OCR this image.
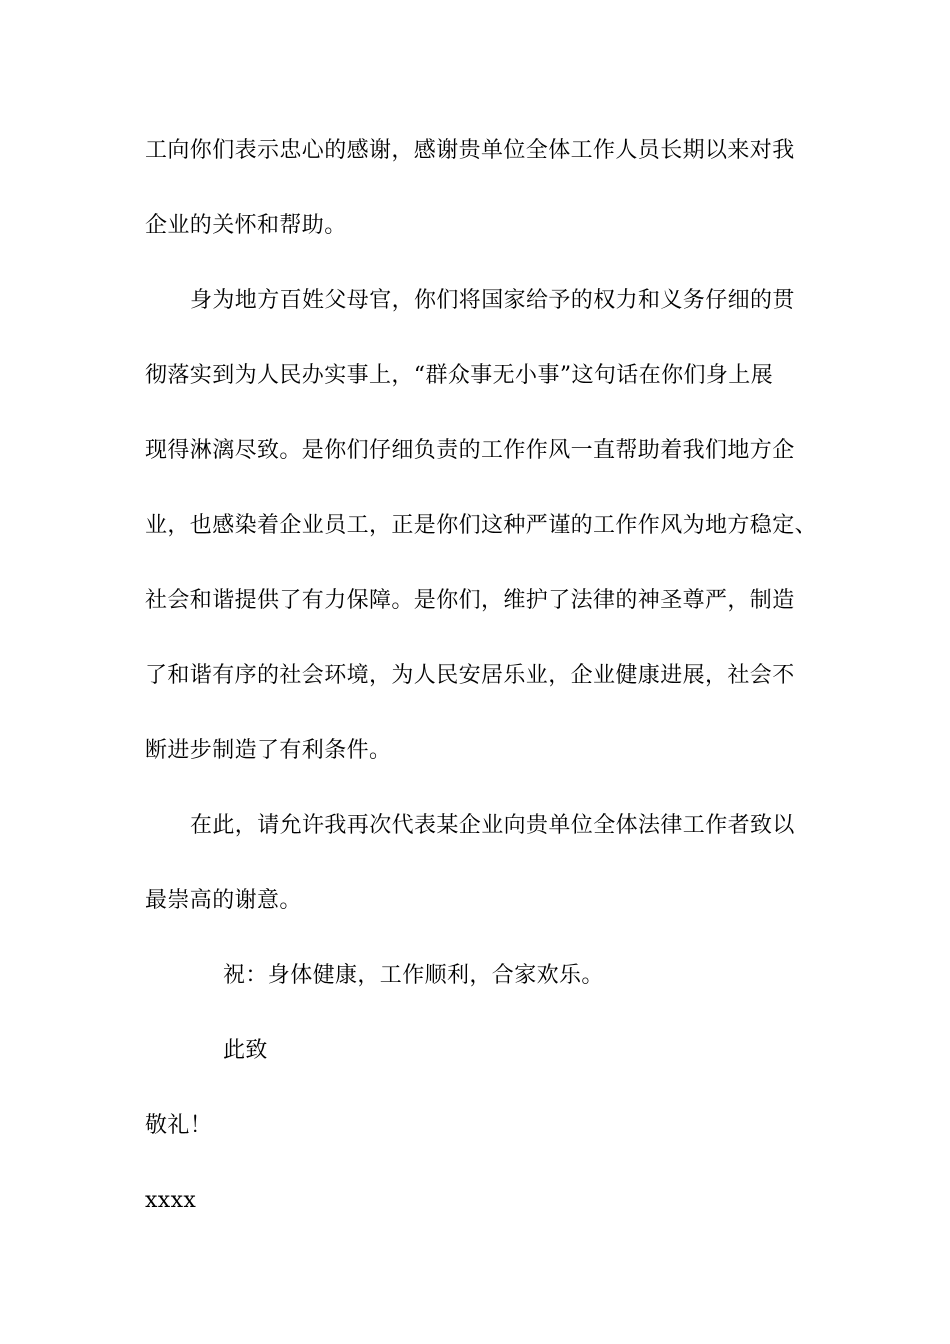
工向你们表示忠心的感谢，感谢贵单位全体工作人员长期以来对我
企业的关怀和帮助。
身为地方百姓父母官，你们将国家给予的权力和义务仔细的贯
彻落实到为人民办实事上，“群众事无小事”这句话在你们身上展
现得淋漓尽致。是你们仔细负责的工作作风一直帮助着我们地方企
业，也感染着企业员工，正是你们这种严谨的工作作风为地方稳定、
社会和谐提供了有力保障。是你们，维护了法律的神圣尊严，制造
了和谐有序的社会环境，为人民安居乐业，企业健康进展，社会不
断进步制造了有利条件。
在此，请允许我再次代表某企业向贵单位全体法律工作者致以
最崇高的谢意。
祝：身体健康，工作顺利，合家欢乐。
此致
敬礼！
xxxx
